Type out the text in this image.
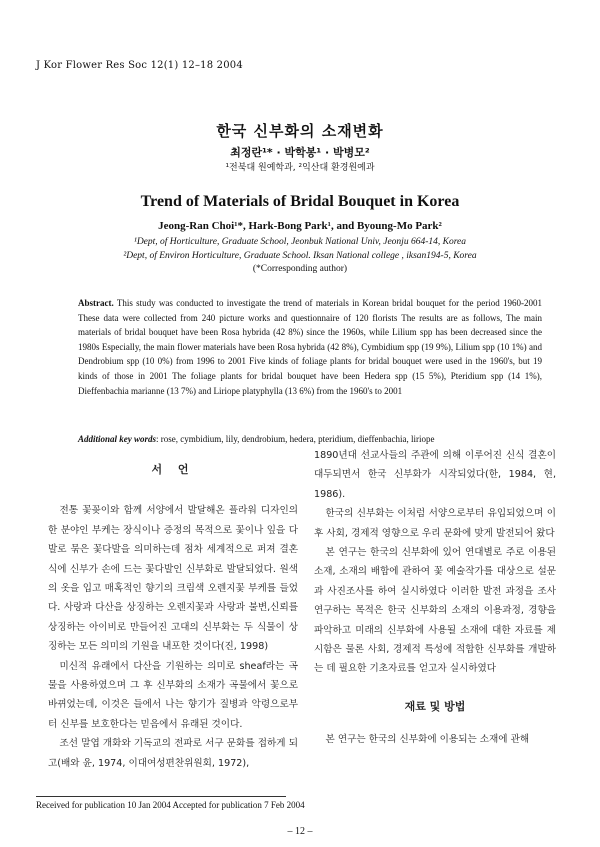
J Kor Flower Res Soc 12(1) 12–18 2004
한국 신부화의 소재변화
최정란¹* · 박학봉¹ · 박병모²
¹전북대 원예학과, ²익산대 환경원예과
Trend of Materials of Bridal Bouquet in Korea
Jeong-Ran Choi¹*, Hark-Bong Park¹, and Byoung-Mo Park²
¹Dept, of Horticulture, Graduate School, Jeonbuk National Univ, Jeonju 664-14, Korea
²Dept, of Environ Horticulture, Graduate School. Iksan National college , iksan194-5, Korea
(*Corresponding author)
Abstract. This study was conducted to investigate the trend of materials in Korean bridal bouquet for the period 1960-2001 These data were collected from 240 picture works and questionnaire of 120 florists The results are as follows, The main materials of bridal bouquet have been Rosa hybrida (42 8%) since the 1960s, while Lilium spp has been decreased since the 1980s Especially, the main flower materials have been Rosa hybrida (42 8%), Cymbidium spp (19 9%), Lilium spp (10 1%) and Dendrobium spp (10 0%) from 1996 to 2001 Five kinds of foliage plants for bridal bouquet were used in the 1960's, but 19 kinds of those in 2001 The foliage plants for bridal bouquet have been Hedera spp (15 5%), Pteridium spp (14 1%), Dieffenbachia marianne (13 7%) and Liriope platyphylla (13 6%) from the 1960's to 2001
Additional key words: rose, cymbidium, lily, dendrobium, hedera, pteridium, dieffenbachia, liriope
서 언

전통 꽃꽂이와 함께 서양에서 발달해온 플라워 디자인의 한 분야인 부케는 장식이나 증정의 목적으로 꽃이나 잎을 다발로 묶은 꽃다발을 의미하는데 점차 세계적으로 퍼져 결혼식에 신부가 손에 드는 꽃다발인 신부화로 발달되었다. 원색의 옷을 입고 매혹적인 향기의 크림색 오렌지꽃 부케를 들었다. 사랑과 다산을 상징하는 오렌지꽃과 사랑과 불변,신뢰를 상징하는 아이비로 만들어진 고대의 신부화는 두 식물이 상징하는 모든 의미의 기원을 내포한 것이다(진, 1998)

미신적 유래에서 다산을 기원하는 의미로 sheaf라는 곡물을 사용하였으며 그 후 신부화의 소재가 곡물에서 꽃으로 바뀌었는데, 이것은 들에서 나는 향기가 질병과 악령으로부터 신부를 보호한다는 믿음에서 유래된 것이다.

조선 말엽 개화와 기독교의 전파로 서구 문화를 접하게 되고(배와 윤, 1974, 이대여성편찬위원회, 1972),

1890년대 선교사들의 주관에 의해 이루어진 신식 결혼이 대두되면서 한국 신부화가 시작되었다(한, 1984, 현, 1986).

한국의 신부화는 이처럼 서양으로부터 유입되었으며 이 후 사회, 경제적 영향으로 우리 문화에 맞게 발전되어 왔다

본 연구는 한국의 신부화에 있어 연대별로 주로 이용된 소재, 소재의 배합에 관하여 꽃 예술작가를 대상으로 설문과 사진조사를 하여 실시하였다 이러한 발전 과정을 조사 연구하는 목적은 한국 신부화의 소재의 이용과정, 경향을 파악하고 미래의 신부화에 사용될 소재에 대한 자료를 제시함은 물론 사회, 경제적 특성에 적합한 신부화를 개발하는 데 필요한 기초자료를 얻고자 실시하였다

재료 및 방법

본 연구는 한국의 신부화에 이용되는 소재에 관해

Received for publication 10 Jan 2004 Accepted for publication 7 Feb 2004
– 12 –
